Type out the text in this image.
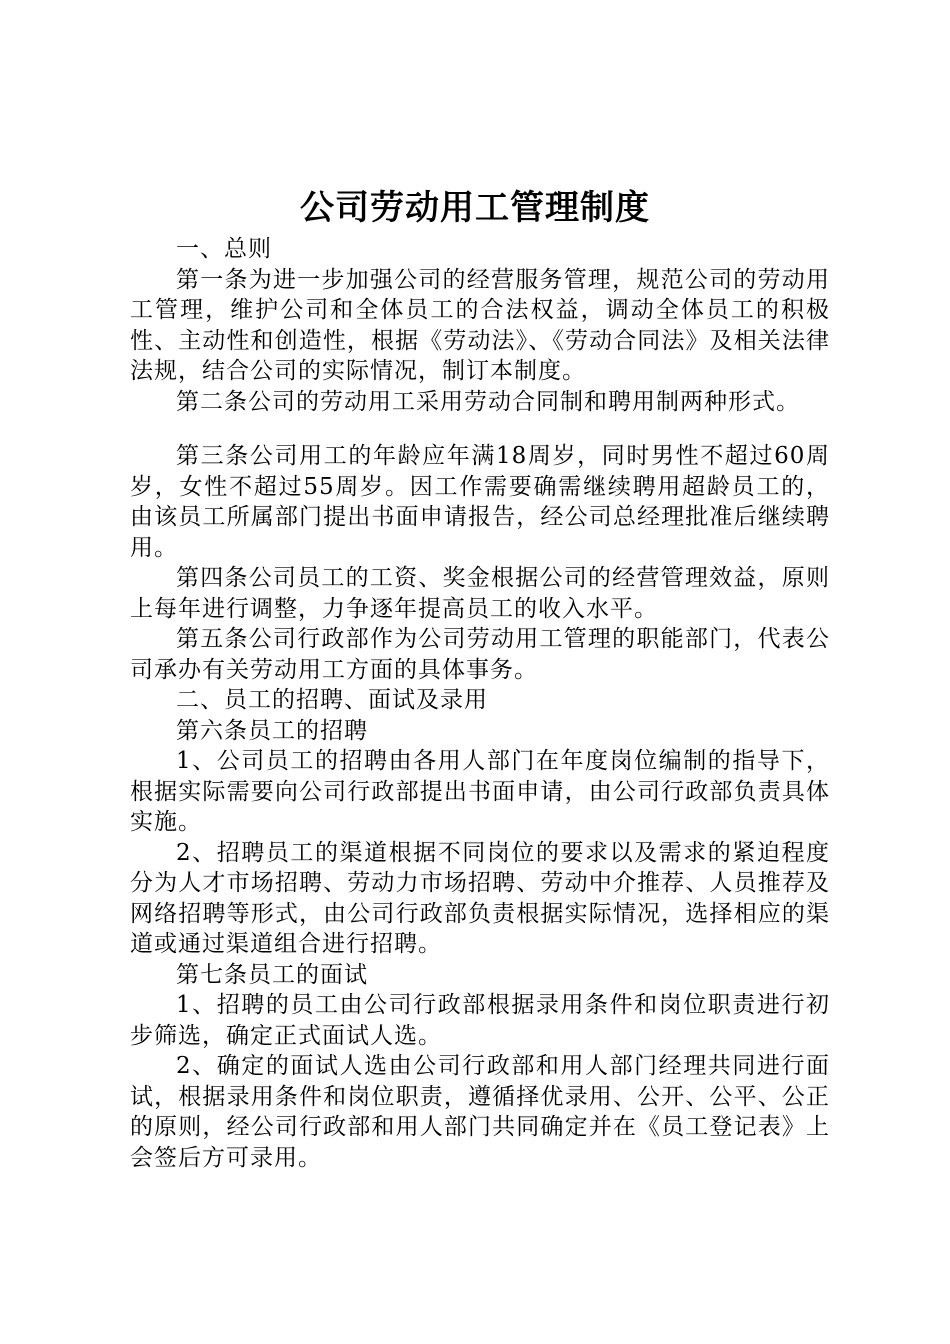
公司劳动用工管理制度

一、总则

第一条为进一步加强公司的经营服务管理，规范公司的劳动用工管理，维护公司和全体员工的合法权益，调动全体员工的积极性、主动性和创造性，根据《劳动法》、《劳动合同法》及相关法律法规，结合公司的实际情况，制订本制度。

第二条公司的劳动用工采用劳动合同制和聘用制两种形式。

第三条公司用工的年龄应年满18周岁，同时男性不超过60周岁，女性不超过55周岁。因工作需要确需继续聘用超龄员工的，由该员工所属部门提出书面申请报告，经公司总经理批准后继续聘用。

第四条公司员工的工资、奖金根据公司的经营管理效益，原则上每年进行调整，力争逐年提高员工的收入水平。

第五条公司行政部作为公司劳动用工管理的职能部门，代表公司承办有关劳动用工方面的具体事务。

二、员工的招聘、面试及录用

第六条员工的招聘

1、公司员工的招聘由各用人部门在年度岗位编制的指导下，根据实际需要向公司行政部提出书面申请，由公司行政部负责具体实施。

2、招聘员工的渠道根据不同岗位的要求以及需求的紧迫程度分为人才市场招聘、劳动力市场招聘、劳动中介推荐、人员推荐及网络招聘等形式，由公司行政部负责根据实际情况，选择相应的渠道或通过渠道组合进行招聘。

第七条员工的面试

1、招聘的员工由公司行政部根据录用条件和岗位职责进行初步筛选，确定正式面试人选。

2、确定的面试人选由公司行政部和用人部门经理共同进行面试，根据录用条件和岗位职责，遵循择优录用、公开、公平、公正的原则，经公司行政部和用人部门共同确定并在《员工登记表》上会签后方可录用。
